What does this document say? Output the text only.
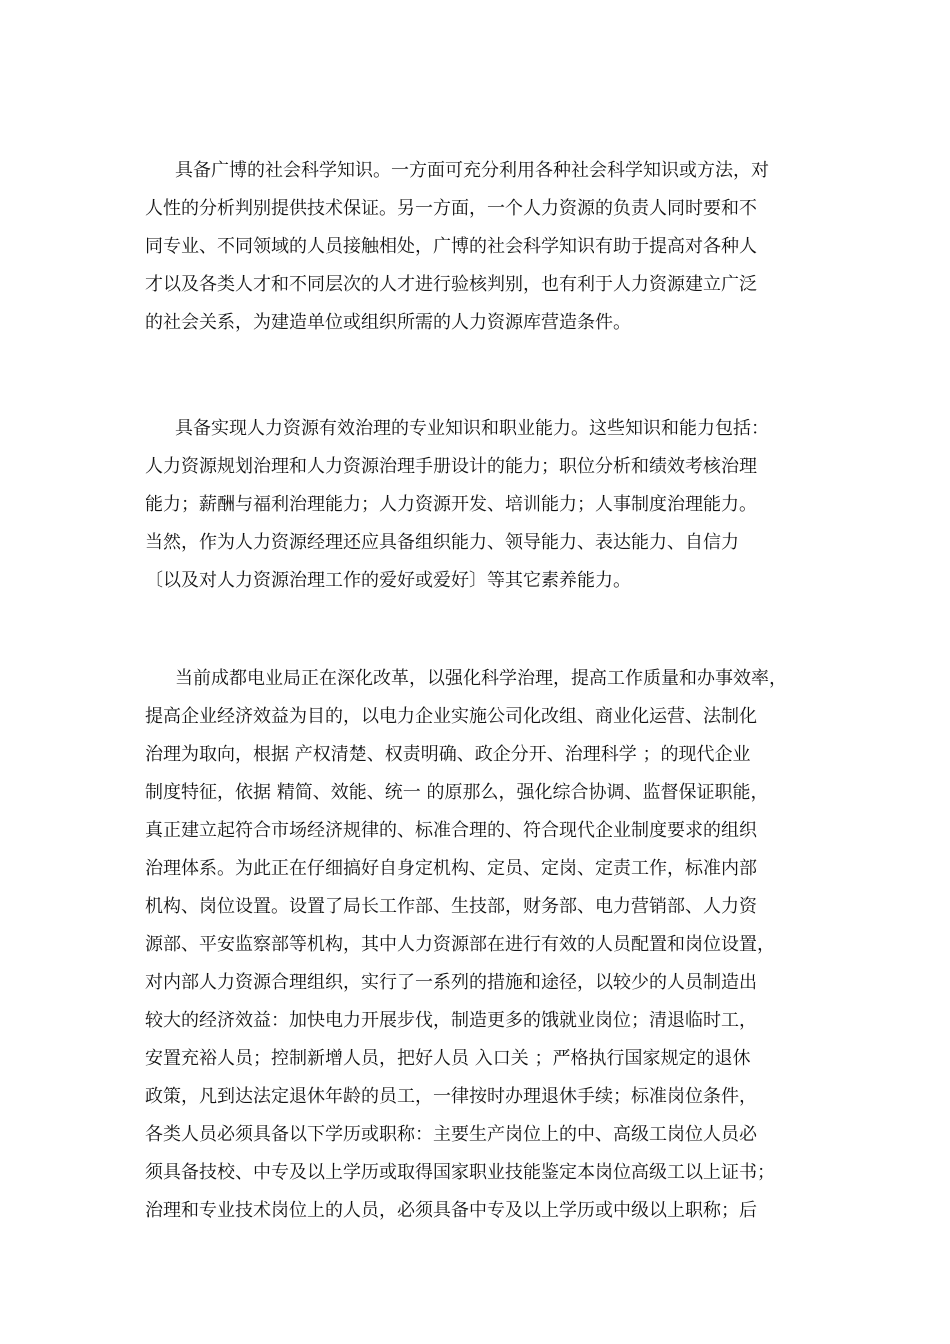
具备广博的社会科学知识。一方面可充分利用各种社会科学知识或方法，对
人性的分析判别提供技术保证。另一方面，一个人力资源的负责人同时要和不
同专业、不同领域的人员接触相处，广博的社会科学知识有助于提高对各种人
才以及各类人才和不同层次的人才进行验核判别，也有利于人力资源建立广泛
的社会关系，为建造单位或组织所需的人力资源库营造条件。
具备实现人力资源有效治理的专业知识和职业能力。这些知识和能力包括：
人力资源规划治理和人力资源治理手册设计的能力；职位分析和绩效考核治理
能力；薪酬与福利治理能力；人力资源开发、培训能力；人事制度治理能力。
当然，作为人力资源经理还应具备组织能力、领导能力、表达能力、自信力
〔以及对人力资源治理工作的爱好或爱好〕等其它素养能力。
当前成都电业局正在深化改革，以强化科学治理，提高工作质量和办事效率，
提高企业经济效益为目的，以电力企业实施公司化改组、商业化运营、法制化
治理为取向，根据 产权清楚、权责明确、政企分开、治理科学 ；的现代企业
制度特征，依据 精简、效能、统一 的原那么，强化综合协调、监督保证职能，
真正建立起符合市场经济规律的、标准合理的、符合现代企业制度要求的组织
治理体系。为此正在仔细搞好自身定机构、定员、定岗、定责工作，标准内部
机构、岗位设置。设置了局长工作部、生技部，财务部、电力营销部、人力资
源部、平安监察部等机构，其中人力资源部在进行有效的人员配置和岗位设置，
对内部人力资源合理组织，实行了一系列的措施和途径，以较少的人员制造出
较大的经济效益：加快电力开展步伐，制造更多的饿就业岗位；清退临时工，
安置充裕人员；控制新增人员，把好人员 入口关 ；严格执行国家规定的退休
政策，凡到达法定退休年龄的员工，一律按时办理退休手续；标准岗位条件，
各类人员必须具备以下学历或职称：主要生产岗位上的中、高级工岗位人员必
须具备技校、中专及以上学历或取得国家职业技能鉴定本岗位高级工以上证书；
治理和专业技术岗位上的人员，必须具备中专及以上学历或中级以上职称；后
